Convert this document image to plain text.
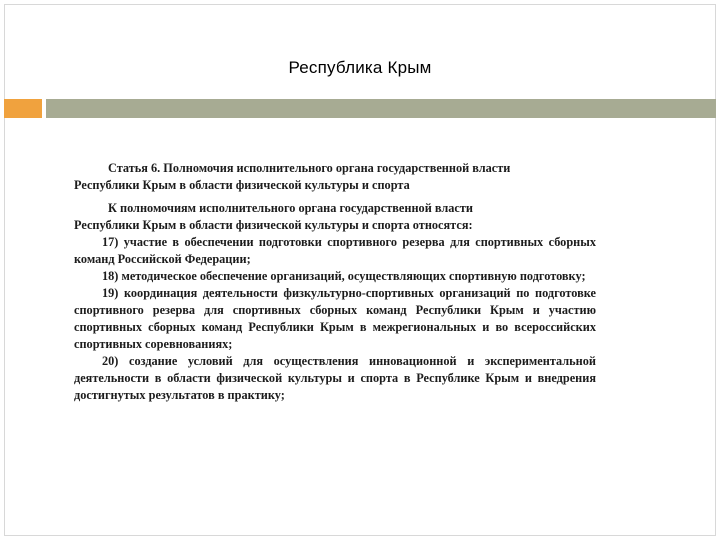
Республика Крым

Статья 6. Полномочия исполнительного органа государственной власти

Республики Крым в области физической культуры и спорта

К полномочиям исполнительного органа государственной власти

Республики Крым в области физической культуры и спорта относятся:

17) участие в обеспечении подготовки спортивного резерва для спортивных сборных команд Российской Федерации;

18) методическое обеспечение организаций, осуществляющих спортивную подготовку;

19) координация деятельности физкультурно-спортивных организаций по подготовке спортивного резерва для спортивных сборных команд Республики Крым и участию спортивных сборных команд Республики Крым в межрегиональных и во всероссийских спортивных соревнованиях;

20) создание условий для осуществления инновационной и экспериментальной деятельности в области физической культуры и спорта в Республике Крым и внедрения достигнутых результатов в практику;
